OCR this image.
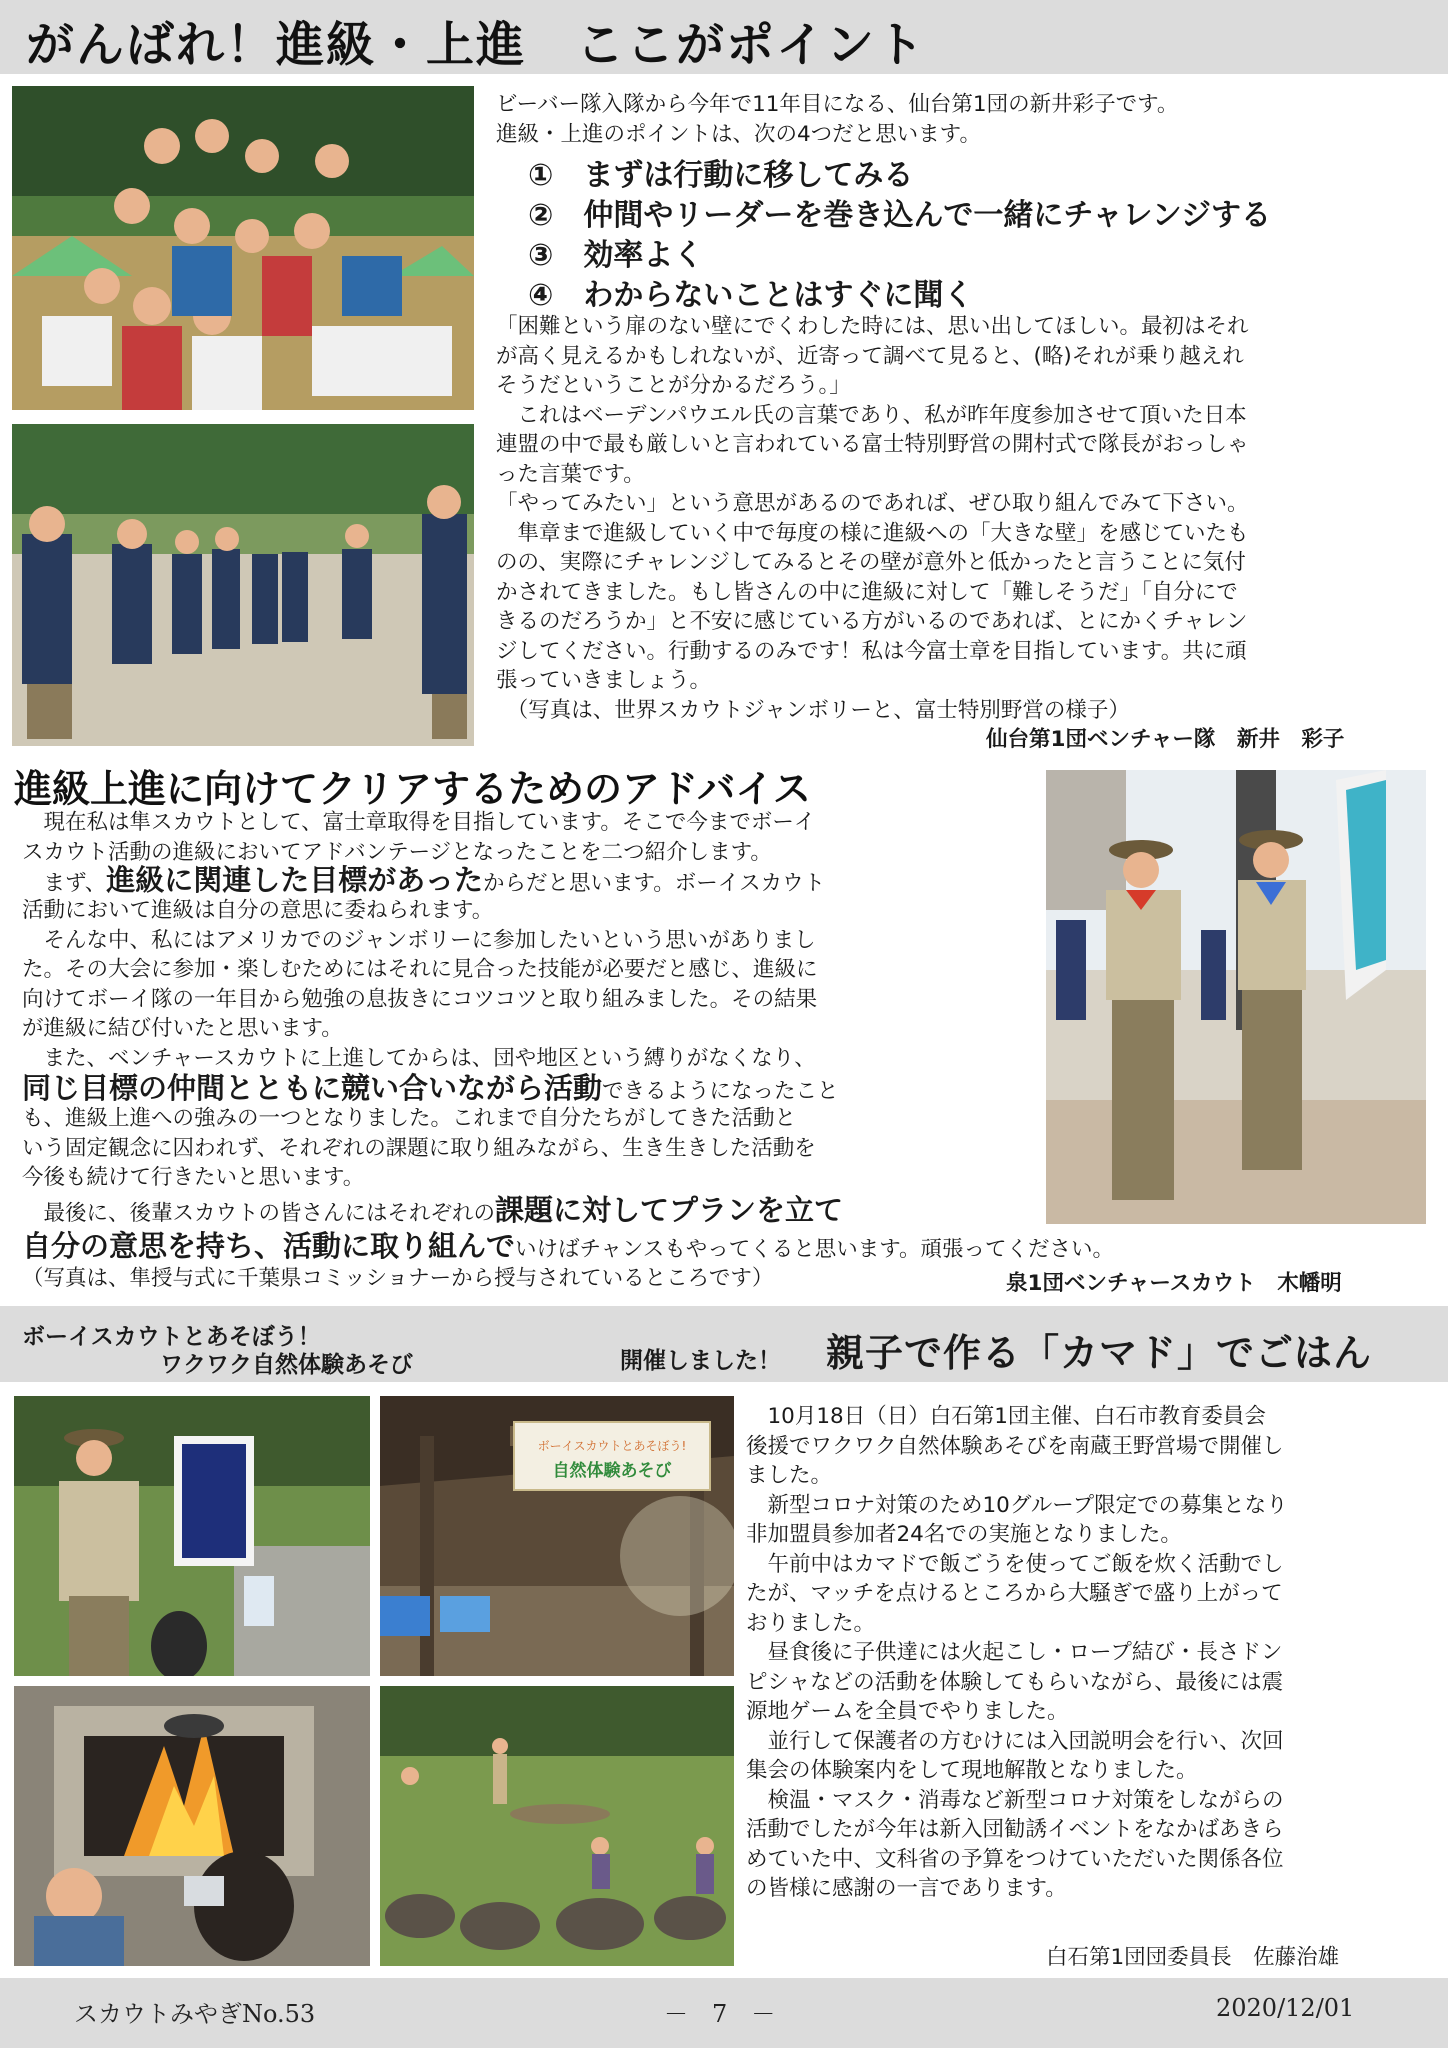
がんばれ！進級・上進　ここがポイント
ビーバー隊入隊から今年で11年目になる、仙台第1団の新井彩子です。
進級・上進のポイントは、次の4つだと思います。
①　まずは行動に移してみる
②　仲間やリーダーを巻き込んで一緒にチャレンジする
③　効率よく
④　わからないことはすぐに聞く
「困難という扉のない壁にでくわした時には、思い出してほしい。最初はそれ
が高く見えるかもしれないが、近寄って調べて見ると、(略)それが乗り越えれ
そうだということが分かるだろう。」
　これはベーデンパウエル氏の言葉であり、私が昨年度参加させて頂いた日本
連盟の中で最も厳しいと言われている富士特別野営の開村式で隊長がおっしゃ
った言葉です。
「やってみたい」という意思があるのであれば、ぜひ取り組んでみて下さい。
　隼章まで進級していく中で毎度の様に進級への「大きな壁」を感じていたも
のの、実際にチャレンジしてみるとその壁が意外と低かったと言うことに気付
かされてきました。もし皆さんの中に進級に対して「難しそうだ」「自分にで
きるのだろうか」と不安に感じている方がいるのであれば、とにかくチャレン
ジしてください。行動するのみです！私は今富士章を目指しています。共に頑
張っていきましょう。
　（写真は、世界スカウトジャンボリーと、富士特別野営の様子）
仙台第1団ベンチャー隊　新井　彩子
進級上進に向けてクリアするためのアドバイス
　現在私は隼スカウトとして、富士章取得を目指しています。そこで今までボーイ
スカウト活動の進級においてアドバンテージとなったことを二つ紹介します。
　まず、進級に関連した目標があったからだと思います。ボーイスカウト
活動において進級は自分の意思に委ねられます。
　そんな中、私にはアメリカでのジャンボリーに参加したいという思いがありまし
た。その大会に参加・楽しむためにはそれに見合った技能が必要だと感じ、進級に
向けてボーイ隊の一年目から勉強の息抜きにコツコツと取り組みました。その結果
が進級に結び付いたと思います。
　また、ベンチャースカウトに上進してからは、団や地区という縛りがなくなり、
同じ目標の仲間とともに競い合いながら活動できるようになったこと
も、進級上進への強みの一つとなりました。これまで自分たちがしてきた活動と
いう固定観念に囚われず、それぞれの課題に取り組みながら、生き生きした活動を
今後も続けて行きたいと思います。
　最後に、後輩スカウトの皆さんにはそれぞれの課題に対してプランを立て
自分の意思を持ち、活動に取り組んでいけばチャンスもやってくると思います。頑張ってください。
（写真は、隼授与式に千葉県コミッショナーから授与されているところです）	泉1団ベンチャースカウト　木幡明
ボーイスカウトとあそぼう！
ワクワク自然体験あそび	開催しました！ 親子で作る「カマド」でごはん
ボーイスカウトとあそぼう!
自然体験あそび
　10月18日（日）白石第1団主催、白石市教育委員会
後援でワクワク自然体験あそびを南蔵王野営場で開催し
ました。
　新型コロナ対策のため10グループ限定での募集となり
非加盟員参加者24名での実施となりました。
　午前中はカマドで飯ごうを使ってご飯を炊く活動でし
たが、マッチを点けるところから大騒ぎで盛り上がって
おりました。
　昼食後に子供達には火起こし・ロープ結び・長さドン
ピシャなどの活動を体験してもらいながら、最後には震
源地ゲームを全員でやりました。
　並行して保護者の方むけには入団説明会を行い、次回
集会の体験案内をして現地解散となりました。
　検温・マスク・消毒など新型コロナ対策をしながらの
活動でしたが今年は新入団勧誘イベントをなかばあきら
めていた中、文科省の予算をつけていただいた関係各位
の皆様に感謝の一言であります。
白石第1団団委員長　佐藤治雄
スカウトみやぎNo.53	－　7　－	2020/12/01
